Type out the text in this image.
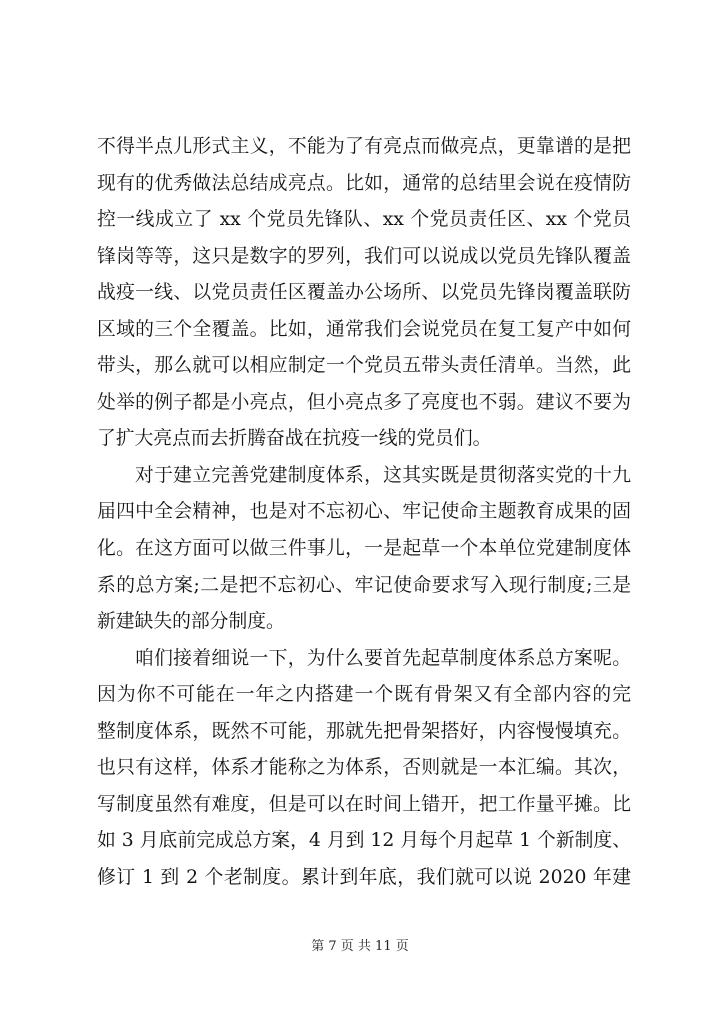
不得半点儿形式主义，不能为了有亮点而做亮点，更靠谱的是把
现有的优秀做法总结成亮点。比如，通常的总结里会说在疫情防
控一线成立了 xx 个党员先锋队、xx 个党员责任区、xx 个党员
锋岗等等，这只是数字的罗列，我们可以说成以党员先锋队覆盖
战疫一线、以党员责任区覆盖办公场所、以党员先锋岗覆盖联防
区域的三个全覆盖。比如，通常我们会说党员在复工复产中如何
带头，那么就可以相应制定一个党员五带头责任清单。当然，此
处举的例子都是小亮点，但小亮点多了亮度也不弱。建议不要为
了扩大亮点而去折腾奋战在抗疫一线的党员们。
对于建立完善党建制度体系，这其实既是贯彻落实党的十九
届四中全会精神，也是对不忘初心、牢记使命主题教育成果的固
化。在这方面可以做三件事儿，一是起草一个本单位党建制度体
系的总方案;二是把不忘初心、牢记使命要求写入现行制度;三是
新建缺失的部分制度。
咱们接着细说一下，为什么要首先起草制度体系总方案呢。
因为你不可能在一年之内搭建一个既有骨架又有全部内容的完
整制度体系，既然不可能，那就先把骨架搭好，内容慢慢填充。
也只有这样，体系才能称之为体系，否则就是一本汇编。其次，
写制度虽然有难度，但是可以在时间上错开，把工作量平摊。比
如 3 月底前完成总方案，4 月到 12 月每个月起草 1 个新制度、
修订 1 到 2 个老制度。累计到年底，我们就可以说 2020 年建
第 7 页 共 11 页
